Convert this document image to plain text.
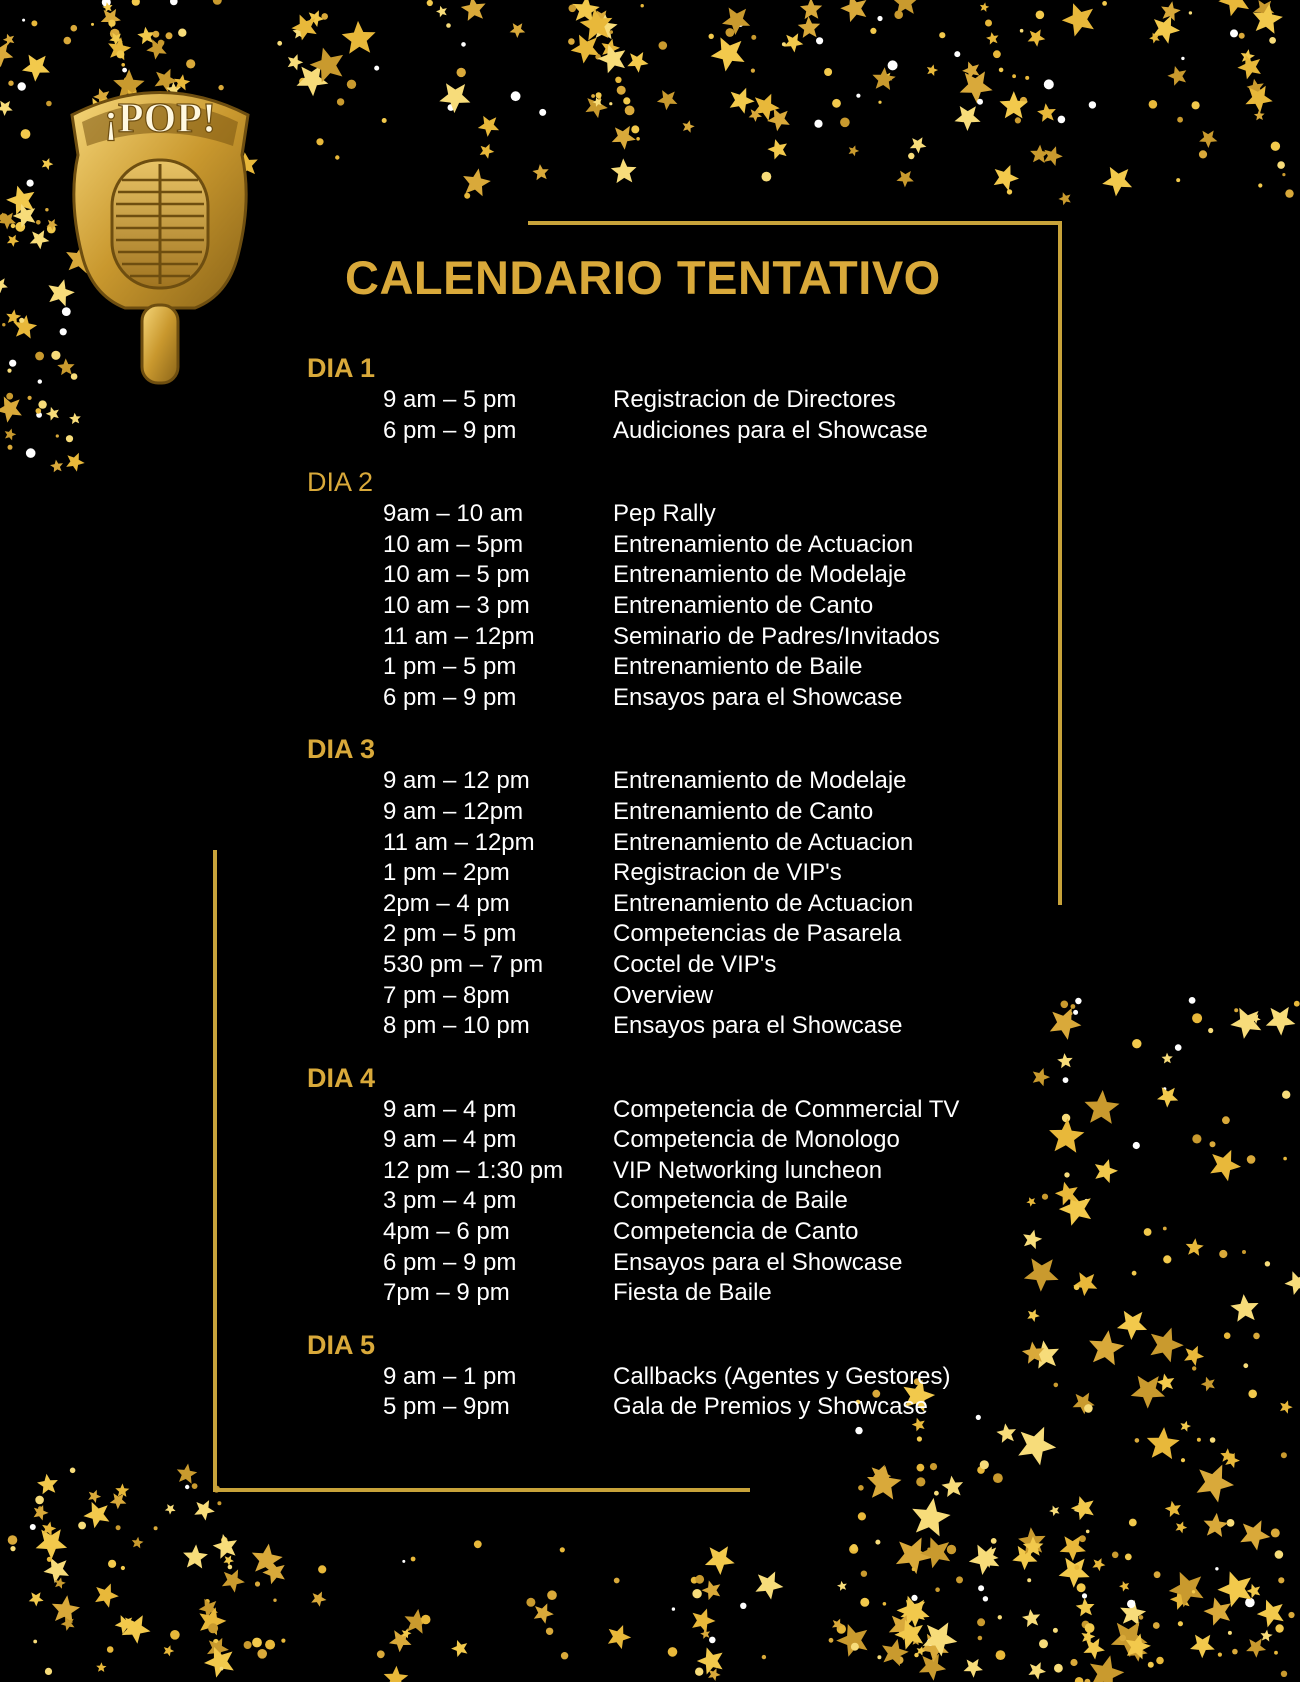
¡POP!
CALENDARIO TENTATIVO
DIA 1
9 am – 5 pm	Registracion de Directores
6 pm – 9 pm	Audiciones para el Showcase
DIA 2
9am – 10 am	Pep Rally
10 am – 5pm	Entrenamiento de Actuacion
10 am – 5 pm	Entrenamiento de Modelaje
10 am – 3 pm	Entrenamiento de Canto
11 am – 12pm	Seminario de Padres/Invitados
1 pm – 5 pm	Entrenamiento de Baile
6 pm – 9 pm	Ensayos para el Showcase
DIA 3
9 am – 12 pm	Entrenamiento de Modelaje
9 am – 12pm	Entrenamiento de Canto
11 am – 12pm	Entrenamiento de Actuacion
1 pm – 2pm	Registracion de VIP's
2pm – 4 pm	Entrenamiento de Actuacion
2 pm – 5 pm	Competencias de Pasarela
530 pm – 7 pm	Coctel de VIP's
7 pm – 8pm	Overview
8 pm – 10 pm	Ensayos para el Showcase
DIA 4
9 am – 4 pm	Competencia de Commercial TV
9 am – 4 pm	Competencia de Monologo
12 pm – 1:30 pm	VIP Networking luncheon
3 pm – 4 pm	Competencia de Baile
4pm – 6 pm	Competencia de Canto
6 pm – 9 pm	Ensayos para el Showcase
7pm – 9 pm	Fiesta de Baile
DIA 5
9 am – 1 pm	Callbacks (Agentes y Gestores)
5 pm – 9pm	Gala de Premios y Showcase
